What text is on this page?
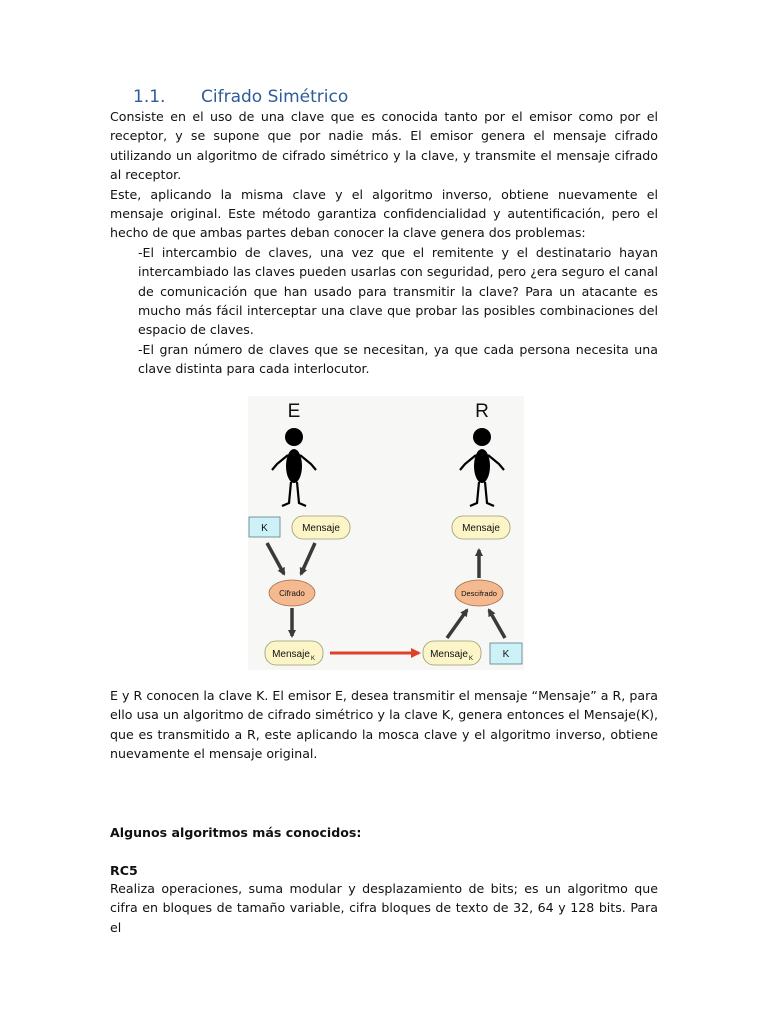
1.1. Cifrado Simétrico

Consiste en el uso de una clave que es conocida tanto por el emisor como por el receptor, y se supone que por nadie más. El emisor genera el mensaje cifrado utilizando un algoritmo de cifrado simétrico y la clave, y transmite el mensaje cifrado al receptor.

Este, aplicando la misma clave y el algoritmo inverso, obtiene nuevamente el mensaje original. Este método garantiza confidencialidad y autentificación, pero el hecho de que ambas partes deban conocer la clave genera dos problemas:

-El intercambio de claves, una vez que el remitente y el destinatario hayan intercambiado las claves pueden usarlas con seguridad, pero ¿era seguro el canal de comunicación que han usado para transmitir la clave? Para un atacante es mucho más fácil interceptar una clave que probar las posibles combinaciones del espacio de claves.

-El gran número de claves que se necesitan, ya que cada persona necesita una clave distinta para cada interlocutor.

E	R
K	Mensaje	Mensaje
Cifrado
Mensaje K	Mensaje K	K
Descifrado

E y R conocen la clave K. El emisor E, desea transmitir el mensaje “Mensaje” a R, para ello usa un algoritmo de cifrado simétrico y la clave K, genera entonces el Mensaje(K), que es transmitido a R, este aplicando la mosca clave y el algoritmo inverso, obtiene nuevamente el mensaje original.

Algunos algoritmos más conocidos:
RC5

Realiza operaciones, suma modular y desplazamiento de bits; es un algoritmo que cifra en bloques de tamaño variable, cifra bloques de texto de 32, 64 y 128 bits. Para el
